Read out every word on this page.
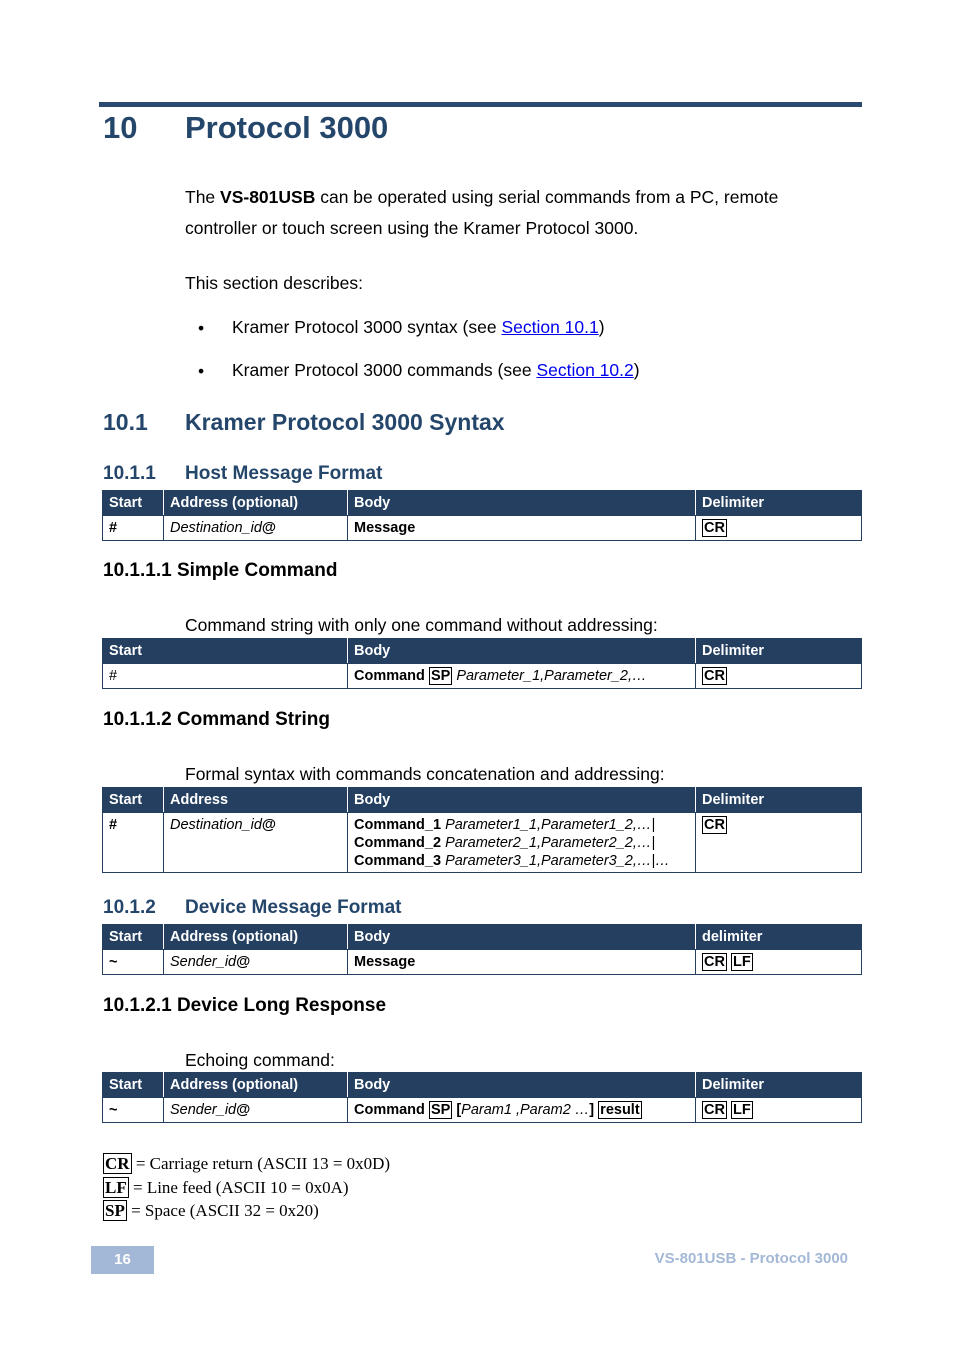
10 Protocol 3000
The VS-801USB can be operated using serial commands from a PC, remote controller or touch screen using the Kramer Protocol 3000.
This section describes:
• Kramer Protocol 3000 syntax (see Section 10.1)
• Kramer Protocol 3000 commands (see Section 10.2)
10.1 Kramer Protocol 3000 Syntax
10.1.1 Host Message Format
Start	Address (optional)	Body	Delimiter
#	Destination_id@	Message	CR
10.1.1.1 Simple Command
Command string with only one command without addressing:
Start	Body	Delimiter
#	Command SP Parameter_1,Parameter_2,…	CR
10.1.1.2 Command String
Formal syntax with commands concatenation and addressing:
Start	Address	Body	Delimiter
#	Destination_id@	Command_1 Parameter1_1,Parameter1_2,…|
Command_2 Parameter2_1,Parameter2_2,…|
Command_3 Parameter3_1,Parameter3_2,…|…	CR
10.1.2 Device Message Format
Start	Address (optional)	Body	delimiter
~	Sender_id@	Message	CR LF
10.1.2.1 Device Long Response
Echoing command:
Start	Address (optional)	Body	Delimiter
~	Sender_id@	Command SP [Param1 ,Param2 …] result	CR LF
CR = Carriage return (ASCII 13 = 0x0D)
LF = Line feed (ASCII 10 = 0x0A)
SP = Space (ASCII 32 = 0x20)
16	VS-801USB - Protocol 3000
